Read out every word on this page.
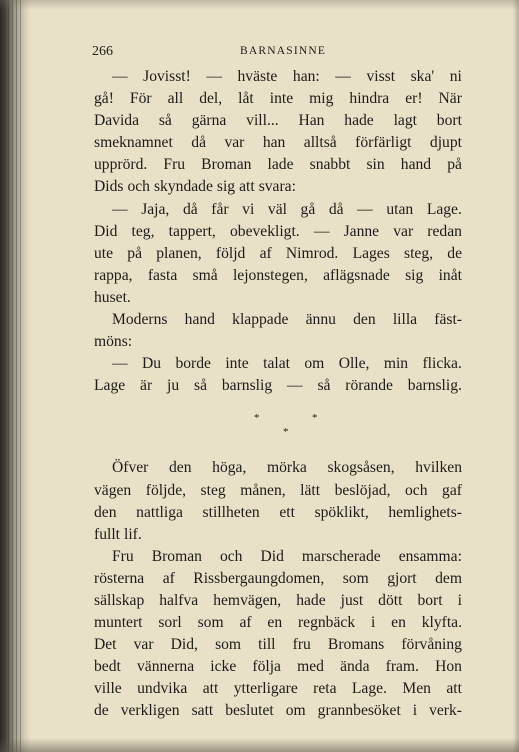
266	BARNASINNE
— Jovisst! — hväste han: — visst ska' ni
gå! För all del, låt inte mig hindra er! När
Davida så gärna vill... Han hade lagt bort
smeknamnet då var han alltså förfärligt djupt
upprörd. Fru Broman lade snabbt sin hand på
Dids och skyndade sig att svara:
— Jaja, då får vi väl gå då — utan Lage.
Did teg, tappert, obevekligt. — Janne var redan
ute på planen, följd af Nimrod. Lages steg, de
rappa, fasta små lejonstegen, aflägsnade sig inåt
huset.
Moderns hand klappade ännu den lilla fäst-
möns:
— Du borde inte talat om Olle, min flicka.
Lage är ju så barnslig — så rörande barnslig.
*	*
*
Öfver den höga, mörka skogsåsen, hvilken
vägen följde, steg månen, lätt beslöjad, och gaf
den nattliga stillheten ett spöklikt, hemlighets-
fullt lif.
Fru Broman och Did marscherade ensamma:
rösterna af Rissbergaungdomen, som gjort dem
sällskap halfva hemvägen, hade just dött bort i
muntert sorl som af en regnbäck i en klyfta.
Det var Did, som till fru Bromans förvåning
bedt vännerna icke följa med ända fram. Hon
ville undvika att ytterligare reta Lage. Men att
de verkligen satt beslutet om grannbesöket i verk-
